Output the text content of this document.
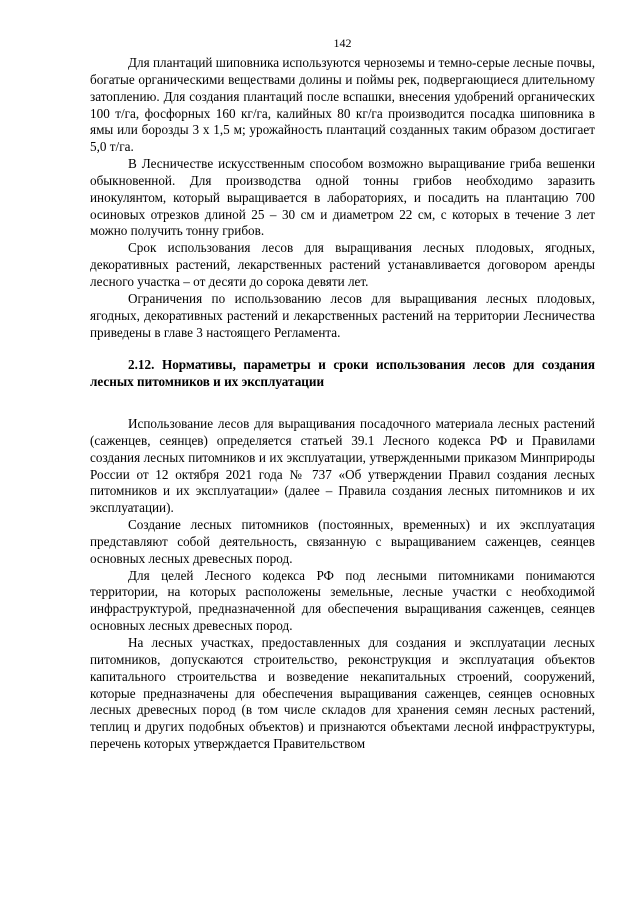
142

Для плантаций шиповника используются черноземы и темно-серые лесные почвы, богатые органическими веществами долины и поймы рек, подвергающиеся длительному затоплению. Для создания плантаций после вспашки, внесения удобрений органических 100 т/га, фосфорных 160 кг/га, калийных 80 кг/га производится посадка шиповника в ямы или борозды 3 х 1,5 м; урожайность плантаций созданных таким образом достигает 5,0 т/га.

В Лесничестве искусственным способом возможно выращивание гриба вешенки обыкновенной. Для производства одной тонны грибов необходимо заразить инокулянтом, который выращивается в лабораториях, и посадить на плантацию 700 осиновых отрезков длиной 25 – 30 см и диаметром 22 см, с которых в течение 3 лет можно получить тонну грибов.

Срок использования лесов для выращивания лесных плодовых, ягодных, декоративных растений, лекарственных растений устанавливается договором аренды лесного участка – от десяти до сорока девяти лет.

Ограничения по использованию лесов для выращивания лесных плодовых, ягодных, декоративных растений и лекарственных растений на территории Лесничества приведены в главе 3 настоящего Регламента.

2.12. Нормативы, параметры и сроки использования лесов для создания лесных питомников и их эксплуатации

Использование лесов для выращивания посадочного материала лесных растений (саженцев, сеянцев) определяется статьей 39.1 Лесного кодекса РФ и Правилами создания лесных питомников и их эксплуатации, утвержденными приказом Минприроды России от 12 октября 2021 года № 737 «Об утверждении Правил создания лесных питомников и их эксплуатации» (далее – Правила создания лесных питомников и их эксплуатации).

Создание лесных питомников (постоянных, временных) и их эксплуатация представляют собой деятельность, связанную с выращиванием саженцев, сеянцев основных лесных древесных пород.

Для целей Лесного кодекса РФ под лесными питомниками понимаются территории, на которых расположены земельные, лесные участки с необходимой инфраструктурой, предназначенной для обеспечения выращивания саженцев, сеянцев основных лесных древесных пород.

На лесных участках, предоставленных для создания и эксплуатации лесных питомников, допускаются строительство, реконструкция и эксплуатация объектов капитального строительства и возведение некапитальных строений, сооружений, которые предназначены для обеспечения выращивания саженцев, сеянцев основных лесных древесных пород (в том числе складов для хранения семян лесных растений, теплиц и других подобных объектов) и признаются объектами лесной инфраструктуры, перечень которых утверждается Правительством
